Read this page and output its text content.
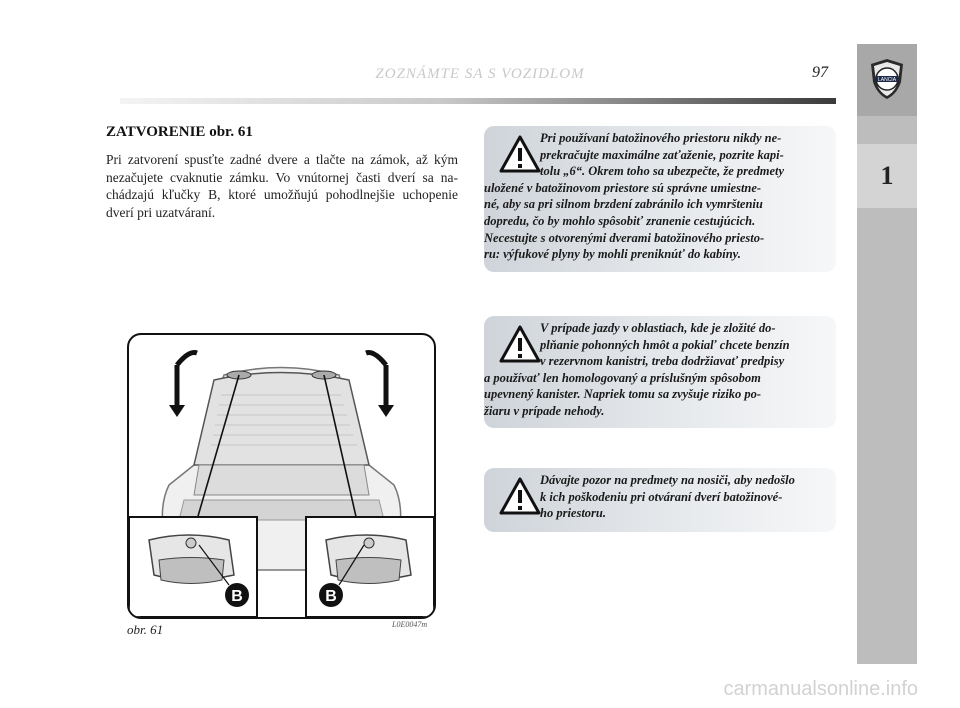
ZOZNÁMTE SA S VOZIDLOM	97	LANCIA
1
ZATVORENIE obr. 61
Pri zatvorení spusťte zadné dvere a tlačte na zámok, až kým nezačujete cvaknutie zámku. Vo vnútornej časti dverí sa na-chádzajú kľučky B, ktoré umožňujú pohodlnejšie uchopenie dverí pri uzatváraní.
Pri používaní batožinového priestoru nikdy ne-
prekračujte maximálne zaťaženie, pozrite kapi-
tolu „6“. Okrem toho sa ubezpečte, že predmety
uložené v batožinovom priestore sú správne umiestne-
né, aby sa pri silnom brzdení zabránilo ich vymršteniu
dopredu, čo by mohlo spôsobiť zranenie cestujúcich.
Necestujte s otvorenými dverami batožinového priesto-
ru: výfukové plyny by mohli preniknúť do kabíny.
V prípade jazdy v oblastiach, kde je zložité do-
plňanie pohonných hmôt a pokiaľ chcete benzín
v rezervnom kanistri, treba dodržiavať predpisy
a používať len homologovaný a príslušným spôsobom
upevnený kanister. Napriek tomu sa zvyšuje riziko po-
žiaru v prípade nehody.
Dávajte pozor na predmety na nosiči, aby nedošlo
k ich poškodeniu pri otváraní dverí batožinové-
ho priestoru.
B	B
obr. 61	L0E0047m
carmanualsonline.info
